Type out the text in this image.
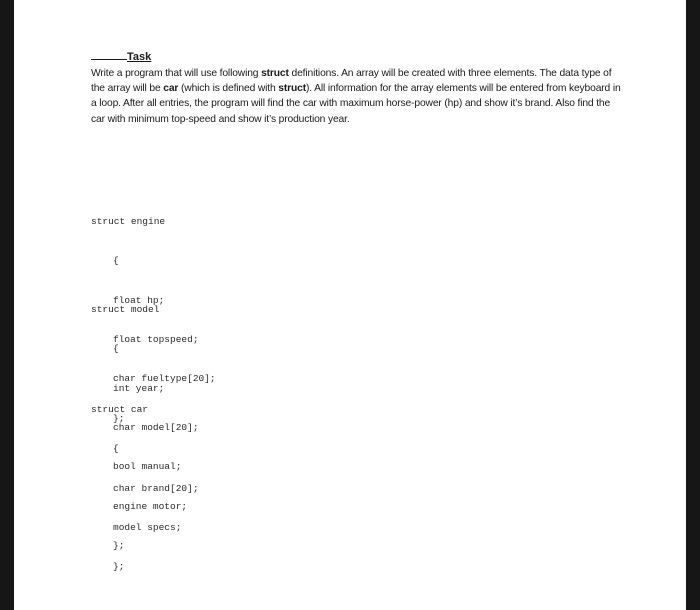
Task

Write a program that will use following struct definitions. An array will be created with three elements. The data type of the array will be car (which is defined with struct). All information for the array elements will be entered from keyboard in a loop. After all entries, the program will find the car with maximum horse-power (hp) and show it’s brand. Also find the car with minimum top-speed and show it’s production year.

struct engine

{

float hp;

float topspeed;

char fueltype[20];

};

struct model

{

int year;

char model[20];

bool manual;

engine motor;

};

struct car

{

char brand[20];

model specs;

};
